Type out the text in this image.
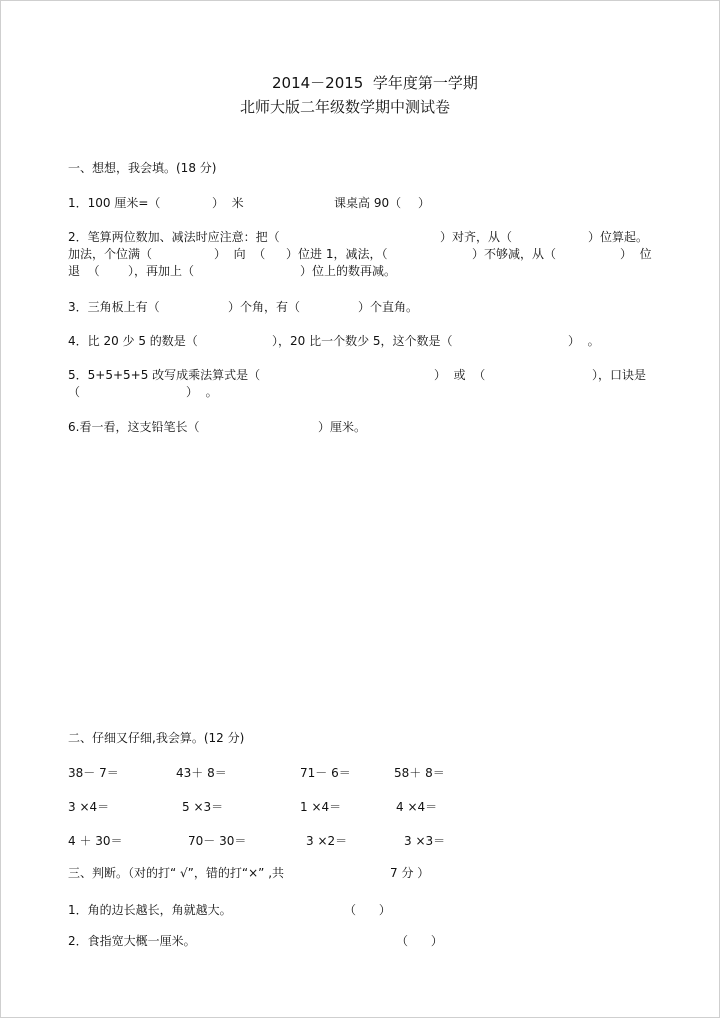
2014－2015  学年度第一学期
北师大版二年级数学期中测试卷
一、想想，我会填。(18 分)
1．100 厘米=（	）  米	课桌高 90（ ）
2．笔算两位数加、减法时应注意：把（	）对齐，从（	）位算起。
加法，个位满（	）  向  （ ）位进 1，减法，（	）不够减，从（	）  位
退  （ ），再加上（	）位上的数再减。
3．三角板上有（	）个角，有（	）个直角。
4．比 20 少 5 的数是（	），20 比一个数少 5，这个数是（	）  。
5．5+5+5+5 改写成乘法算式是（	）  或  （	），口诀是
（	）  。
6.看一看，这支铅笔长（	）厘米。
二、仔细又仔细,我会算。(12 分)
38－ 7＝	43＋ 8＝	71－ 6＝	58＋ 8＝
3 ×4＝	5 ×3＝	1 ×4＝	4 ×4＝
4 ＋ 30＝	70－ 30＝	3 ×2＝	3 ×3＝
三、判断。（对的打“ √”，错的打“×” ,共	7 分 ）
1．角的边长越长，角就越大。	（      ）
2．食指宽大概一厘米。	（      ）
